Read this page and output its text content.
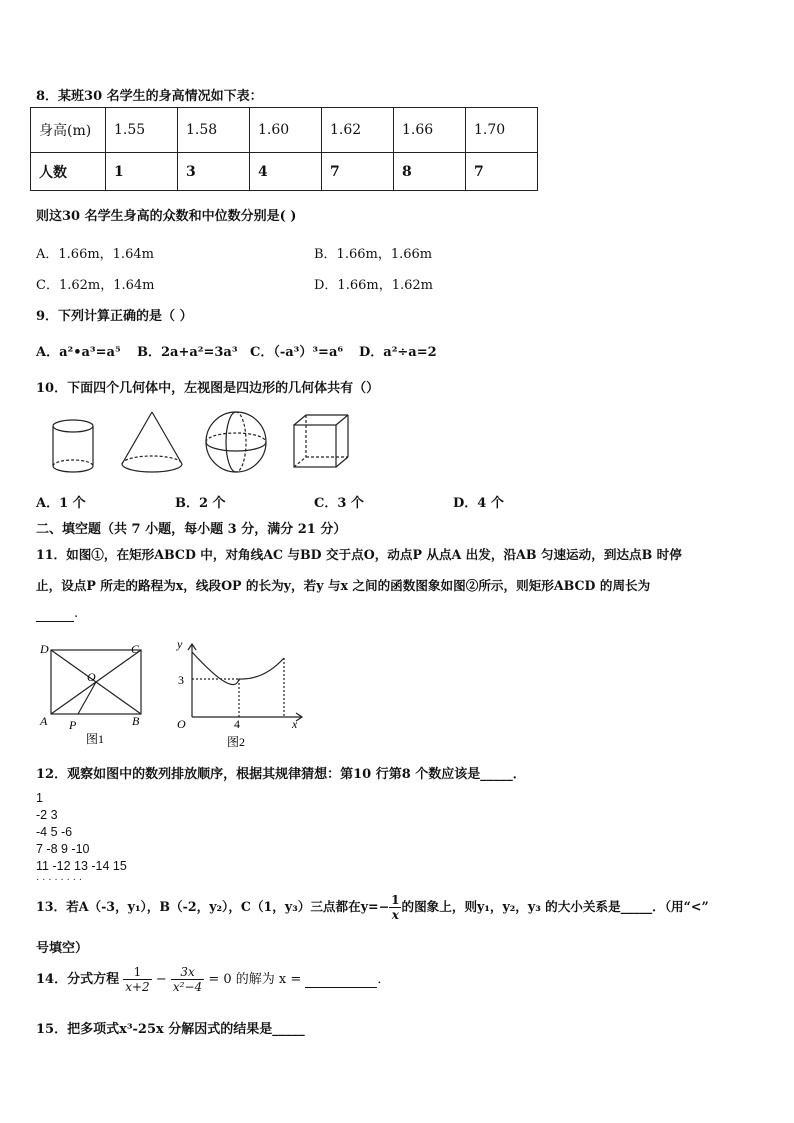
8．某班30 名学生的身高情况如下表：
身高(m)	1.55	1.58	1.60	1.62	1.66	1.70
人数	1	3	4	7	8	7
则这30 名学生身高的众数和中位数分别是( )
A．1.66m，1.64m	B．1.66m，1.66m
C．1.62m，1.64m	D．1.66m，1.62m
9．下列计算正确的是（ ）
A．a²•a³=a⁵ B．2a+a²=3a³ C．（-a³）³=a⁶ D．a²÷a=2
10．下面四个几何体中，左视图是四边形的几何体共有（）
A．1 个	B．2 个	C．3 个	D．4 个
二、填空题（共 7 小题，每小题 3 分，满分 21 分）
11．如图①，在矩形ABCD 中，对角线AC 与BD 交于点O，动点P 从点A 出发，沿AB 匀速运动，到达点B 时停
止，设点P 所走的路程为x，线段OP 的长为y，若y 与x 之间的函数图象如图②所示，则矩形ABCD 的周长为
.
D	C
O
A P	B
图1
y
x
O
3
4
图2
12．观察如图中的数列排放顺序，根据其规律猜想：第10 行第8 个数应该是_____．
1
-2 3
-4 5 -6
7 -8 9 -10
11 -12 13 -14 15
· · · · · · · ·
13．若A（-3，y₁），B（-2，y₂），C（1，y₃）三点都在$y=- \frac{1}{x}$ 的图象上，则y₁，y₂，y₃ 的大小关系是_____．（用“<”
号填空）
14．分式方程 $\frac{1}{x+2} - \frac{3x}{\text{x²−4}} = 0$ 的解为 x =	．
15．把多项式x³-25x 分解因式的结果是_____
